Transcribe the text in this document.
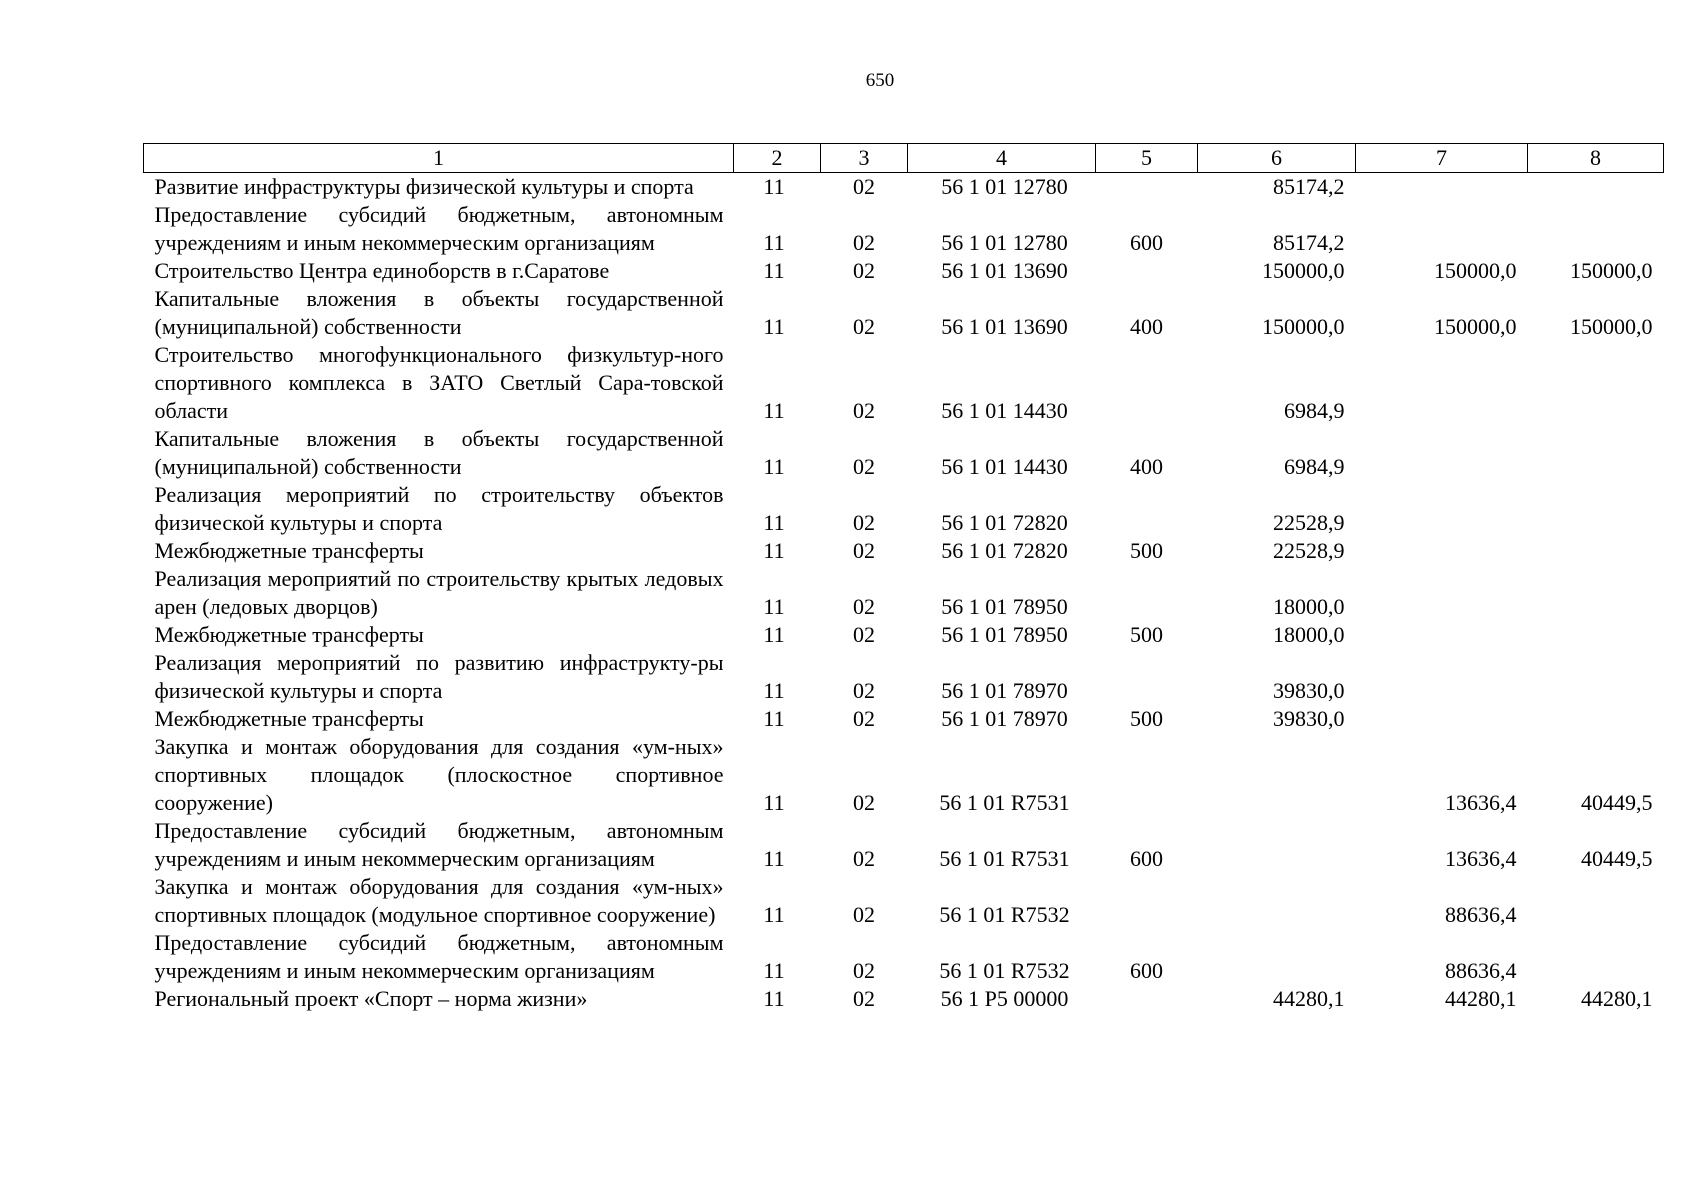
650
1	2	3	4	5	6	7	8
Развитие инфраструктуры физической культуры и спорта	11	02	56 1 01 12780		85174,2		
Предоставление субсидий бюджетным, автономным учреждениям и иным некоммерческим организациям	11	02	56 1 01 12780	600	85174,2		
Строительство Центра единоборств в г.Саратове	11	02	56 1 01 13690		150000,0	150000,0	150000,0
Капитальные вложения в объекты государственной (муниципальной) собственности	11	02	56 1 01 13690	400	150000,0	150000,0	150000,0
Строительство многофункционального физкультур-ного спортивного комплекса в ЗАТО Светлый Сара-товской области	11	02	56 1 01 14430		6984,9		
Капитальные вложения в объекты государственной (муниципальной) собственности	11	02	56 1 01 14430	400	6984,9		
Реализация мероприятий по строительству объектов физической культуры и спорта	11	02	56 1 01 72820		22528,9		
Межбюджетные трансферты	11	02	56 1 01 72820	500	22528,9		
Реализация мероприятий по строительству крытых ледовых арен (ледовых дворцов)	11	02	56 1 01 78950		18000,0		
Межбюджетные трансферты	11	02	56 1 01 78950	500	18000,0		
Реализация мероприятий по развитию инфраструкту-ры физической культуры и спорта	11	02	56 1 01 78970		39830,0		
Межбюджетные трансферты	11	02	56 1 01 78970	500	39830,0		
Закупка и монтаж оборудования для создания «ум-ных» спортивных площадок (плоскостное спортивное сооружение)	11	02	56 1 01 R7531			13636,4	40449,5
Предоставление субсидий бюджетным, автономным учреждениям и иным некоммерческим организациям	11	02	56 1 01 R7531	600		13636,4	40449,5
Закупка и монтаж оборудования для создания «ум-ных» спортивных площадок (модульное спортивное сооружение)	11	02	56 1 01 R7532			88636,4	
Предоставление субсидий бюджетным, автономным учреждениям и иным некоммерческим организациям	11	02	56 1 01 R7532	600		88636,4	
Региональный проект «Спорт – норма жизни»	11	02	56 1 P5 00000		44280,1	44280,1	44280,1
